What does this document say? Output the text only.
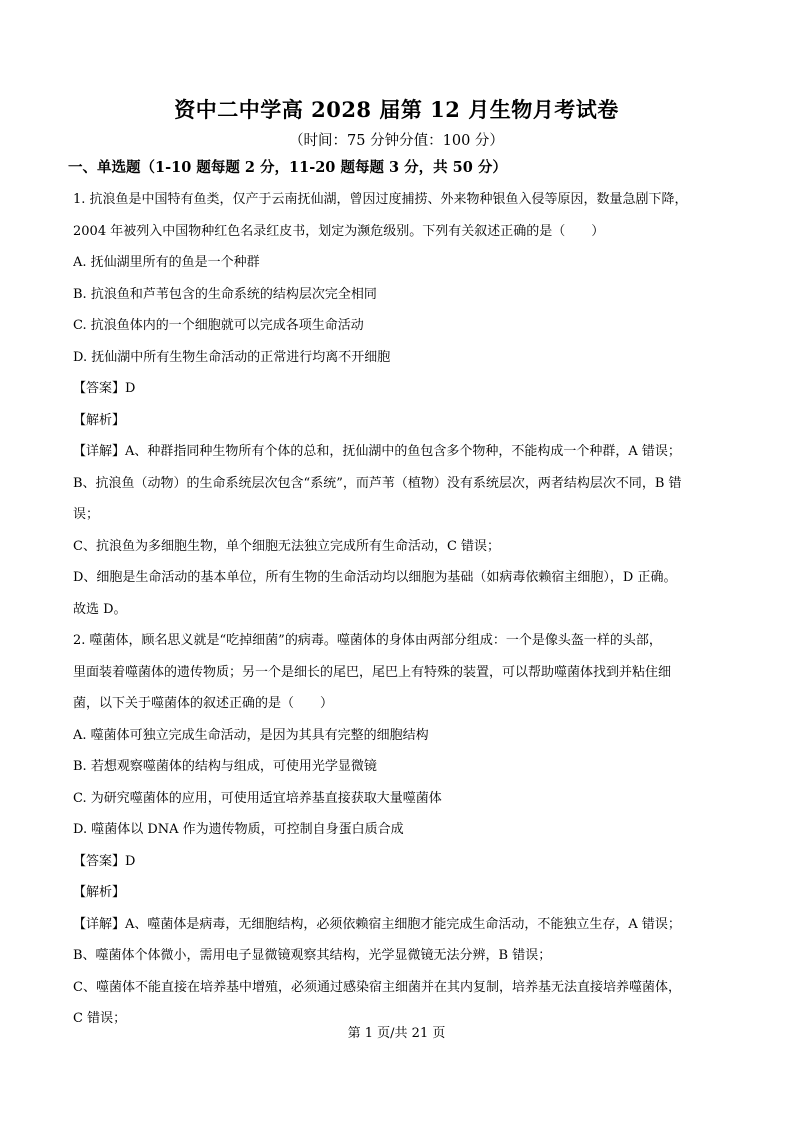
资中二中学高 2028 届第 12 月生物月考试卷
（时间：75 分钟分值：100 分）
一、单选题（1-10 题每题 2 分，11-20 题每题 3 分，共 50 分）

1. 抗浪鱼是中国特有鱼类，仅产于云南抚仙湖，曾因过度捕捞、外来物种银鱼入侵等原因，数量急剧下降，

2004 年被列入中国物种红色名录红皮书，划定为濒危级别。下列有关叙述正确的是（　　）

A. 抚仙湖里所有的鱼是一个种群

B. 抗浪鱼和芦苇包含的生命系统的结构层次完全相同

C. 抗浪鱼体内的一个细胞就可以完成各项生命活动

D. 抚仙湖中所有生物生命活动的正常进行均离不开细胞

【答案】D

【解析】

【详解】A、种群指同种生物所有个体的总和，抚仙湖中的鱼包含多个物种，不能构成一个种群，A 错误；

B、抗浪鱼（动物）的生命系统层次包含“系统”，而芦苇（植物）没有系统层次，两者结构层次不同，B 错

误；

C、抗浪鱼为多细胞生物，单个细胞无法独立完成所有生命活动，C 错误；

D、细胞是生命活动的基本单位，所有生物的生命活动均以细胞为基础（如病毒依赖宿主细胞），D 正确。

故选 D。

2. 噬菌体，顾名思义就是“吃掉细菌”的病毒。噬菌体的身体由两部分组成：一个是像头盔一样的头部，

里面装着噬菌体的遗传物质；另一个是细长的尾巴，尾巴上有特殊的装置，可以帮助噬菌体找到并粘住细

菌，以下关于噬菌体的叙述正确的是（　　）

A. 噬菌体可独立完成生命活动，是因为其具有完整的细胞结构

B. 若想观察噬菌体的结构与组成，可使用光学显微镜

C. 为研究噬菌体的应用，可使用适宜培养基直接获取大量噬菌体

D. 噬菌体以 DNA 作为遗传物质，可控制自身蛋白质合成

【答案】D

【解析】

【详解】A、噬菌体是病毒，无细胞结构，必须依赖宿主细胞才能完成生命活动，不能独立生存，A 错误；

B、噬菌体个体微小，需用电子显微镜观察其结构，光学显微镜无法分辨，B 错误；

C、噬菌体不能直接在培养基中增殖，必须通过感染宿主细菌并在其内复制，培养基无法直接培养噬菌体，

C 错误；

第 1 页/共 21 页
